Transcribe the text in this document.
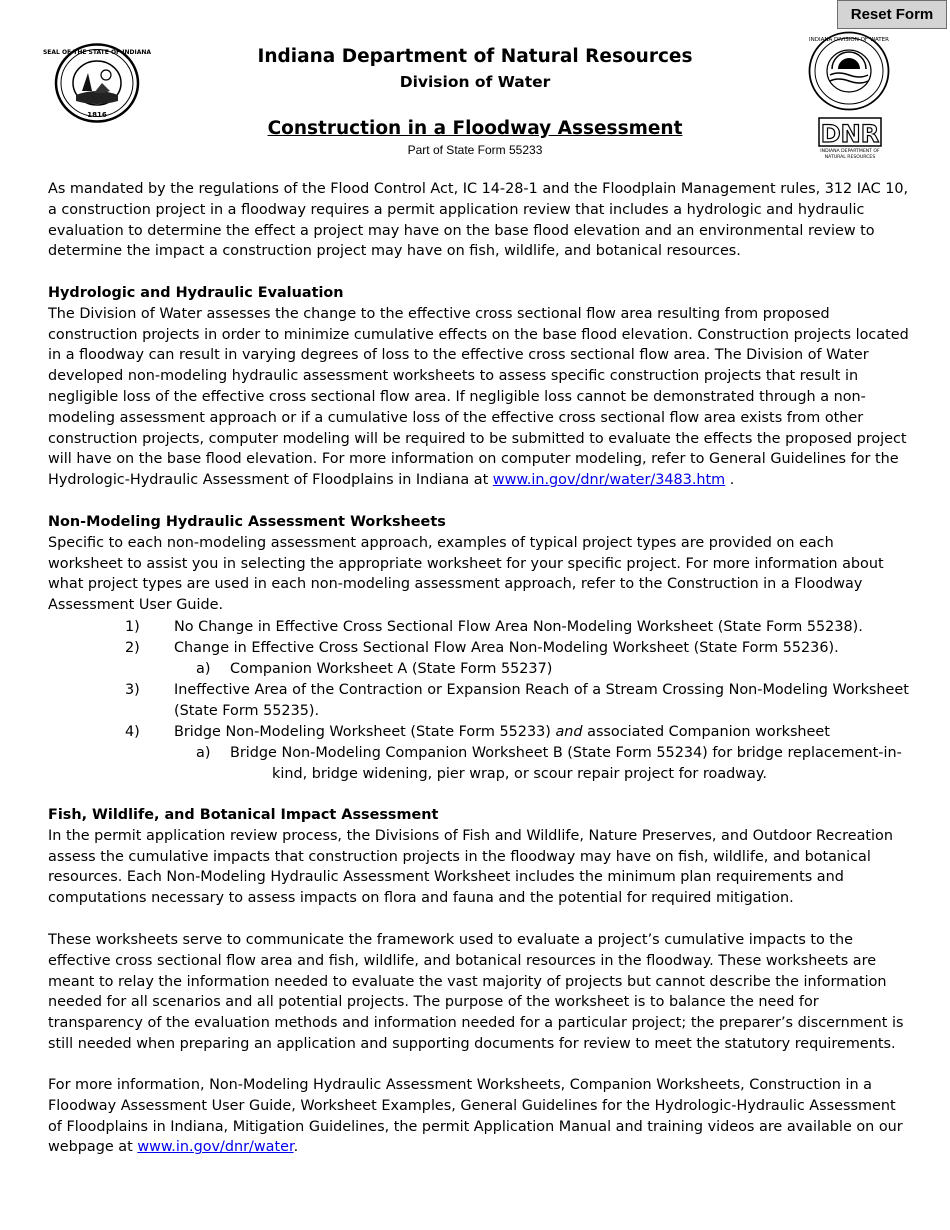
Reset Form
SEAL OF THE STATE OF INDIANA
1816
INDIANA DIVISION OF WATER
DNR
INDIANA DEPARTMENT OF
NATURAL RESOURCES
Indiana Department of Natural Resources
Division of Water
Construction in a Floodway Assessment
Part of State Form 55233

As mandated by the regulations of the Flood Control Act, IC 14-28-1 and the Floodplain Management rules, 312 IAC 10, a construction project in a floodway requires a permit application review that includes a hydrologic and hydraulic evaluation to determine the effect a project may have on the base flood elevation and an environmental review to determine the impact a construction project may have on fish, wildlife, and botanical resources.

Hydrologic and Hydraulic Evaluation

The Division of Water assesses the change to the effective cross sectional flow area resulting from proposed construction projects in order to minimize cumulative effects on the base flood elevation. Construction projects located in a floodway can result in varying degrees of loss to the effective cross sectional flow area. The Division of Water developed non-modeling hydraulic assessment worksheets to assess specific construction projects that result in negligible loss of the effective cross sectional flow area. If negligible loss cannot be demonstrated through a non-modeling assessment approach or if a cumulative loss of the effective cross sectional flow area exists from other construction projects, computer modeling will be required to be submitted to evaluate the effects the proposed project will have on the base flood elevation. For more information on computer modeling, refer to General Guidelines for the Hydrologic-Hydraulic Assessment of Floodplains in Indiana at www.in.gov/dnr/water/3483.htm .

Non-Modeling Hydraulic Assessment Worksheets

Specific to each non-modeling assessment approach, examples of typical project types are provided on each worksheet to assist you in selecting the appropriate worksheet for your specific project. For more information about what project types are used in each non-modeling assessment approach, refer to the Construction in a Floodway Assessment User Guide.

1) No Change in Effective Cross Sectional Flow Area Non-Modeling Worksheet (State Form 55238).
2) Change in Effective Cross Sectional Flow Area Non-Modeling Worksheet (State Form 55236).
a) Companion Worksheet A (State Form 55237)
3) Ineffective Area of the Contraction or Expansion Reach of a Stream Crossing Non-Modeling Worksheet
(State Form 55235).
4) Bridge Non-Modeling Worksheet (State Form 55233) and associated Companion worksheet
a) Bridge Non-Modeling Companion Worksheet B (State Form 55234) for bridge replacement-in-
kind, bridge widening, pier wrap, or scour repair project for roadway.

Fish, Wildlife, and Botanical Impact Assessment

In the permit application review process, the Divisions of Fish and Wildlife, Nature Preserves, and Outdoor Recreation assess the cumulative impacts that construction projects in the floodway may have on fish, wildlife, and botanical resources. Each Non-Modeling Hydraulic Assessment Worksheet includes the minimum plan requirements and computations necessary to assess impacts on flora and fauna and the potential for required mitigation.

These worksheets serve to communicate the framework used to evaluate a project’s cumulative impacts to the effective cross sectional flow area and fish, wildlife, and botanical resources in the floodway. These worksheets are meant to relay the information needed to evaluate the vast majority of projects but cannot describe the information needed for all scenarios and all potential projects. The purpose of the worksheet is to balance the need for transparency of the evaluation methods and information needed for a particular project; the preparer’s discernment is still needed when preparing an application and supporting documents for review to meet the statutory requirements.

For more information, Non-Modeling Hydraulic Assessment Worksheets, Companion Worksheets, Construction in a Floodway Assessment User Guide, Worksheet Examples, General Guidelines for the Hydrologic-Hydraulic Assessment of Floodplains in Indiana, Mitigation Guidelines, the permit Application Manual and training videos are available on our webpage at www.in.gov/dnr/water.
